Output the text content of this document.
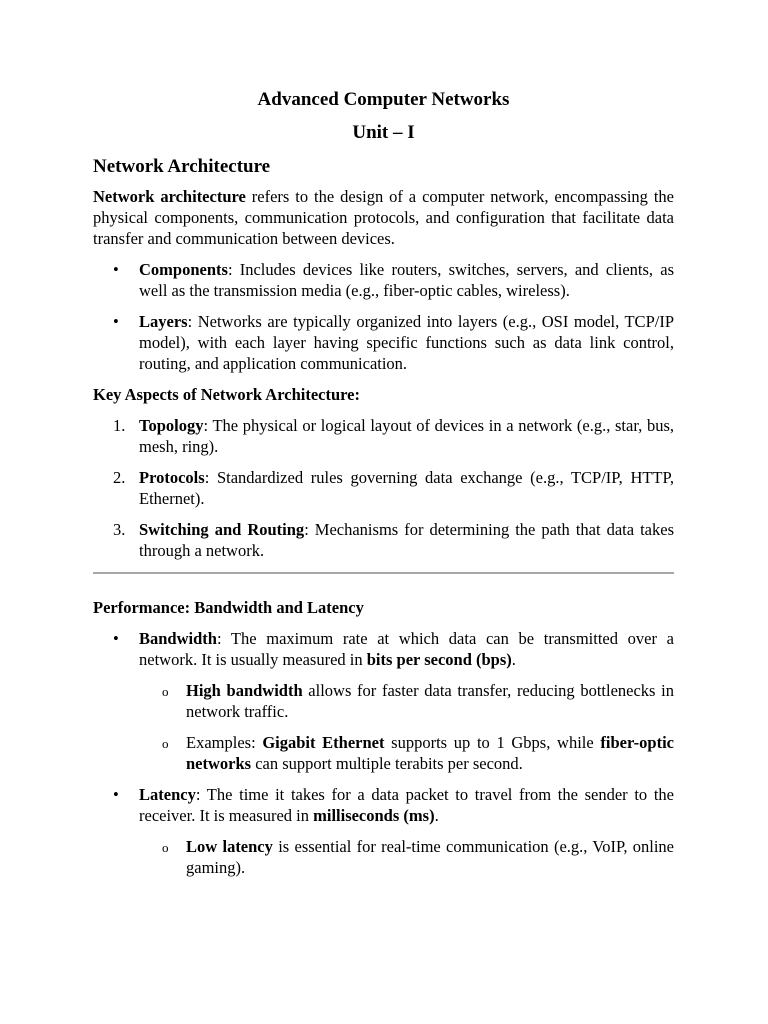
Advanced Computer Networks
Unit – I
Network Architecture

Network architecture refers to the design of a computer network, encompassing the physical components, communication protocols, and configuration that facilitate data transfer and communication between devices.

• Components: Includes devices like routers, switches, servers, and clients, as well as the transmission media (e.g., fiber-optic cables, wireless).
• Layers: Networks are typically organized into layers (e.g., OSI model, TCP/IP model), with each layer having specific functions such as data link control, routing, and application communication.
Key Aspects of Network Architecture:
1. Topology: The physical or logical layout of devices in a network (e.g., star, bus, mesh, ring).
2. Protocols: Standardized rules governing data exchange (e.g., TCP/IP, HTTP, Ethernet).
3. Switching and Routing: Mechanisms for determining the path that data takes through a network.
Performance: Bandwidth and Latency
• Bandwidth: The maximum rate at which data can be transmitted over a network. It is usually measured in bits per second (bps).
o High bandwidth allows for faster data transfer, reducing bottlenecks in network traffic.
o Examples: Gigabit Ethernet supports up to 1 Gbps, while fiber-optic networks can support multiple terabits per second.
• Latency: The time it takes for a data packet to travel from the sender to the receiver. It is measured in milliseconds (ms).
o Low latency is essential for real-time communication (e.g., VoIP, online gaming).
